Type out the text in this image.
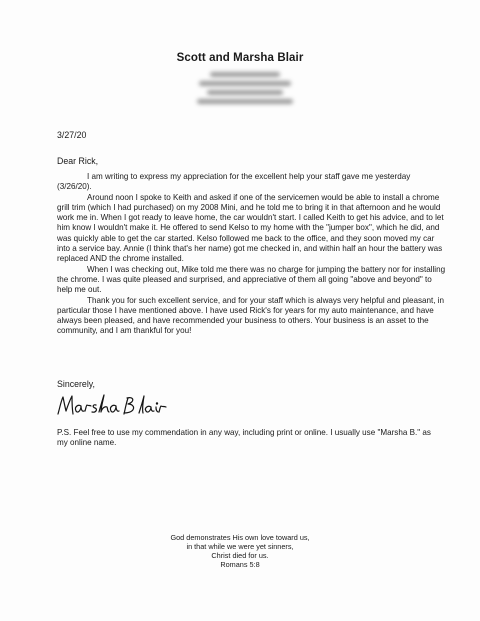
Scott and Marsha Blair
3/27/20
Dear Rick,

I am writing to express my appreciation for the excellent help your staff gave me yesterday (3/26/20).

Around noon I spoke to Keith and asked if one of the servicemen would be able to install a chrome grill trim (which I had purchased) on my 2008 Mini, and he told me to bring it in that afternoon and he would work me in. When I got ready to leave home, the car wouldn't start. I called Keith to get his advice, and to let him know I wouldn't make it. He offered to send Kelso to my home with the "jumper box", which he did, and was quickly able to get the car started. Kelso followed me back to the office, and they soon moved my car into a service bay. Annie (I think that's her name) got me checked in, and within half an hour the battery was replaced AND the chrome installed.

When I was checking out, Mike told me there was no charge for jumping the battery nor for installing the chrome. I was quite pleased and surprised, and appreciative of them all going "above and beyond" to help me out.

Thank you for such excellent service, and for your staff which is always very helpful and pleasant, in particular those I have mentioned above. I have used Rick's for years for my auto maintenance, and have always been pleased, and have recommended your business to others. Your business is an asset to the community, and I am thankful for you!

Sincerely,
P.S. Feel free to use my commendation in any way, including print or online. I usually use "Marsha B." as my online name.
God demonstrates His own love toward us,
in that while we were yet sinners,
Christ died for us.
Romans 5:8
